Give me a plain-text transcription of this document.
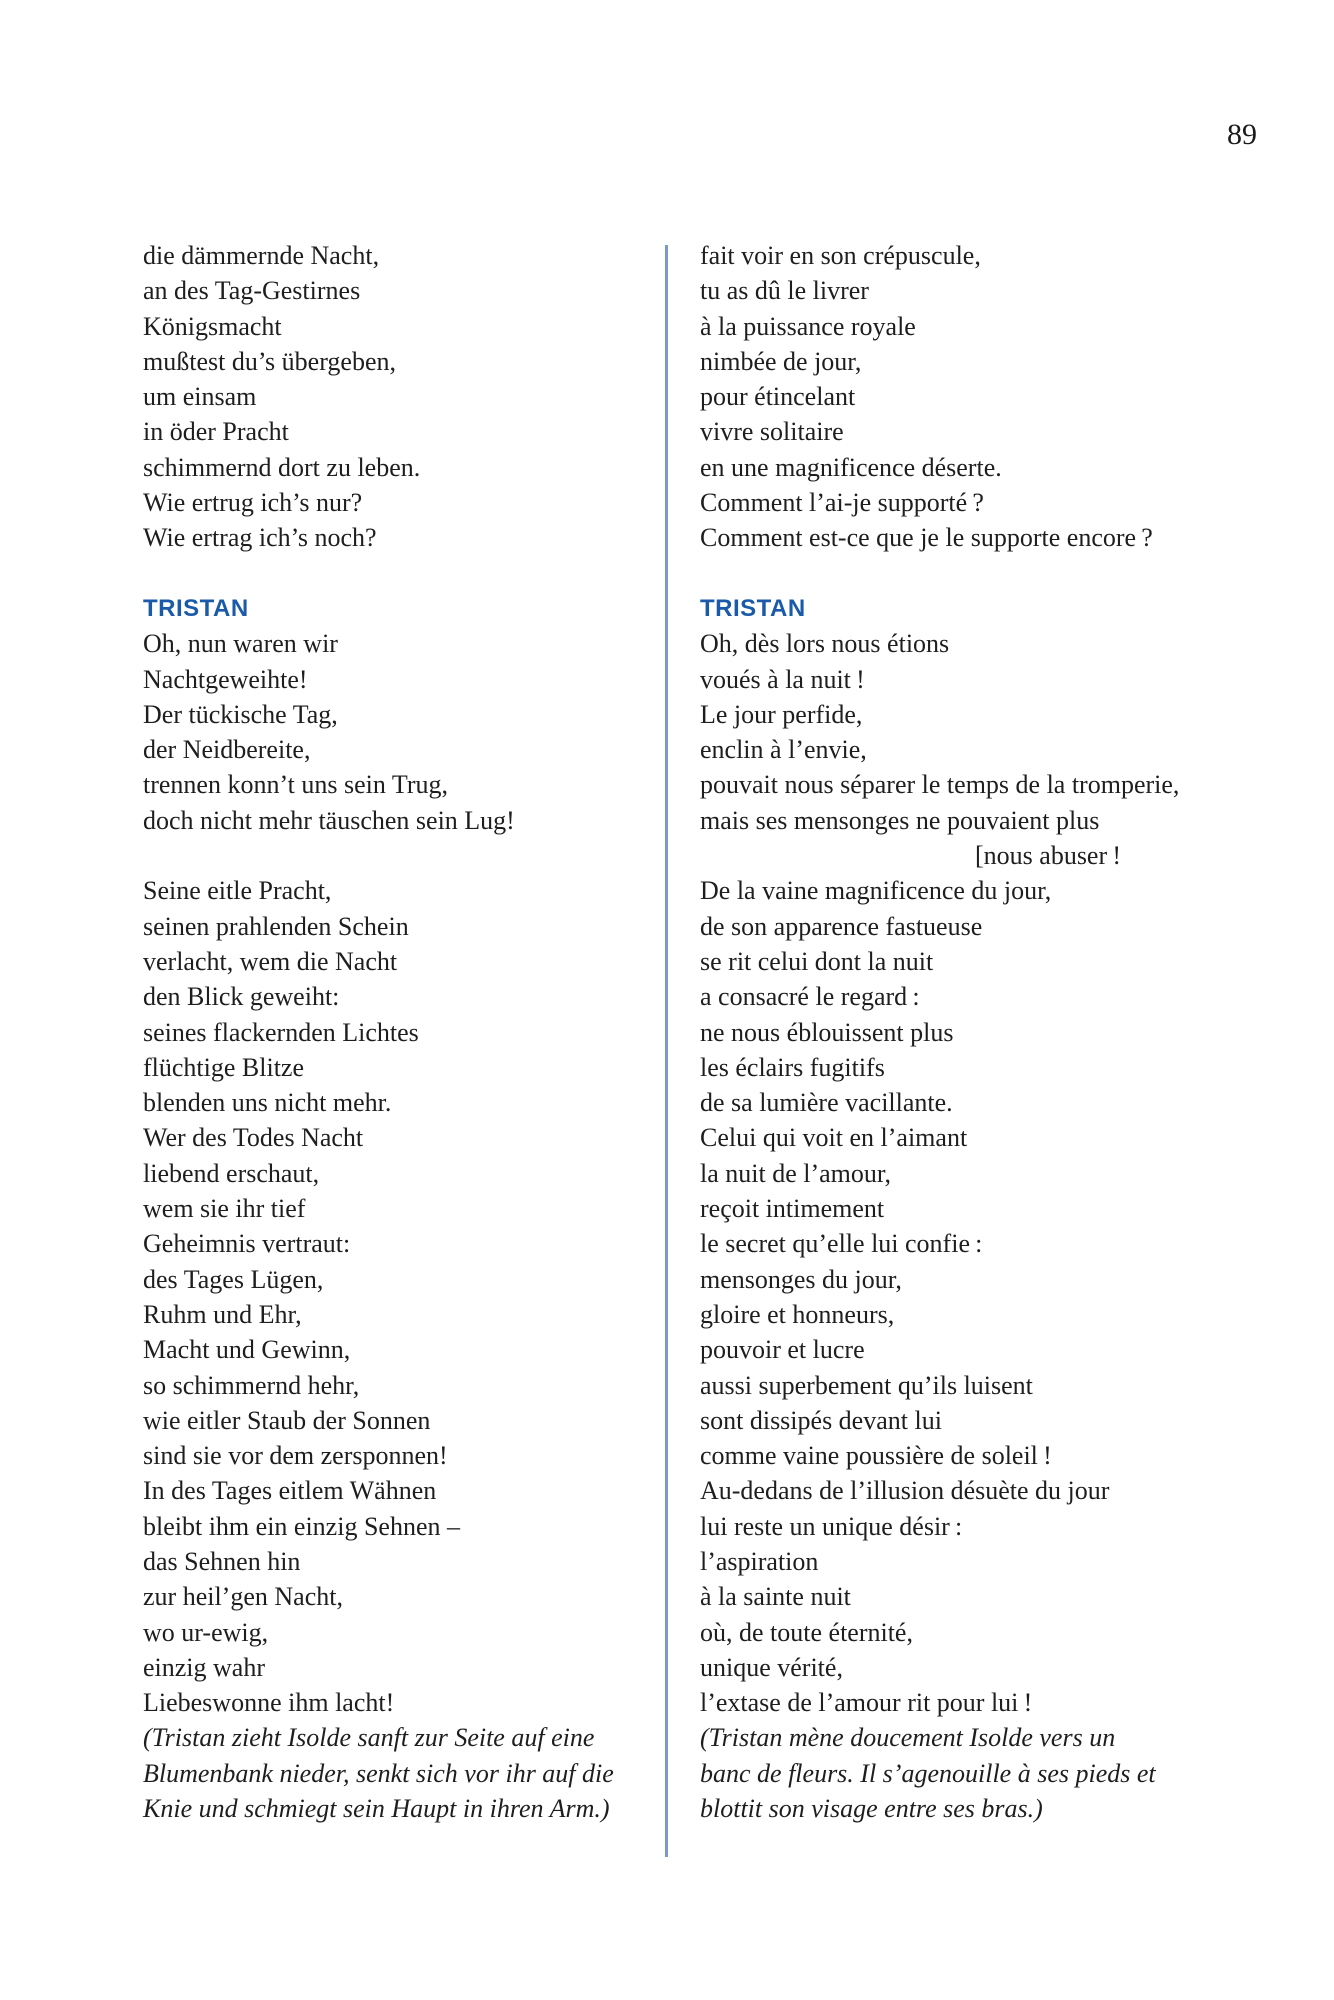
89
die dämmernde Nacht,
an des Tag-Gestirnes
Königsmacht
mußtest du’s übergeben,
um einsam
in öder Pracht
schimmernd dort zu leben.
Wie ertrug ich’s nur?
Wie ertrag ich’s noch?
TRISTAN
Oh, nun waren wir
Nachtgeweihte!
Der tückische Tag,
der Neidbereite,
trennen konn’t uns sein Trug,
doch nicht mehr täuschen sein Lug!
Seine eitle Pracht,
seinen prahlenden Schein
verlacht, wem die Nacht
den Blick geweiht:
seines flackernden Lichtes
flüchtige Blitze
blenden uns nicht mehr.
Wer des Todes Nacht
liebend erschaut,
wem sie ihr tief
Geheimnis vertraut:
des Tages Lügen,
Ruhm und Ehr,
Macht und Gewinn,
so schimmernd hehr,
wie eitler Staub der Sonnen
sind sie vor dem zersponnen!
In des Tages eitlem Wähnen
bleibt ihm ein einzig Sehnen –
das Sehnen hin
zur heil’gen Nacht,
wo ur-ewig,
einzig wahr
Liebeswonne ihm lacht!
(Tristan zieht Isolde sanft zur Seite auf eine
Blumenbank nieder, senkt sich vor ihr auf die
Knie und schmiegt sein Haupt in ihren Arm.)
fait voir en son crépuscule,
tu as dû le livrer
à la puissance royale
nimbée de jour,
pour étincelant
vivre solitaire
en une magnificence déserte.
Comment l’ai-je supporté ?
Comment est-ce que je le supporte encore ?
TRISTAN
Oh, dès lors nous étions
voués à la nuit !
Le jour perfide,
enclin à l’envie,
pouvait nous séparer le temps de la tromperie,
mais ses mensonges ne pouvaient plus
[nous abuser !
De la vaine magnificence du jour,
de son apparence fastueuse
se rit celui dont la nuit
a consacré le regard :
ne nous éblouissent plus
les éclairs fugitifs
de sa lumière vacillante.
Celui qui voit en l’aimant
la nuit de l’amour,
reçoit intimement
le secret qu’elle lui confie :
mensonges du jour,
gloire et honneurs,
pouvoir et lucre
aussi superbement qu’ils luisent
sont dissipés devant lui
comme vaine poussière de soleil !
Au-dedans de l’illusion désuète du jour
lui reste un unique désir :
l’aspiration
à la sainte nuit
où, de toute éternité,
unique vérité,
l’extase de l’amour rit pour lui !
(Tristan mène doucement Isolde vers un
banc de fleurs. Il s’agenouille à ses pieds et
blottit son visage entre ses bras.)
